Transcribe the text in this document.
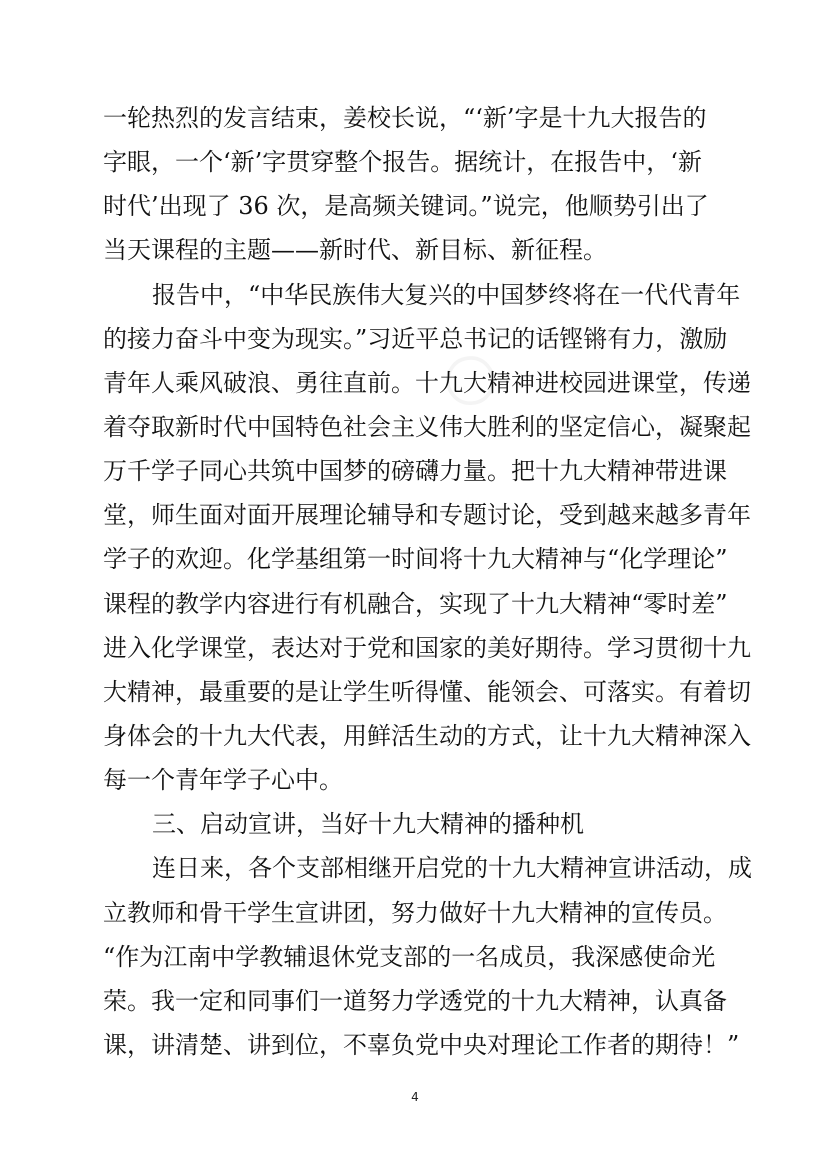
一轮热烈的发言结束，姜校长说，“‘新’字是十九大报告的

字眼，一个‘新’字贯穿整个报告。据统计，在报告中，‘新

时代’出现了 36 次，是高频关键词。”说完，他顺势引出了

当天课程的主题——新时代、新目标、新征程。

报告中，“中华民族伟大复兴的中国梦终将在一代代青年

的接力奋斗中变为现实。”习近平总书记的话铿锵有力，激励

青年人乘风破浪、勇往直前。十九大精神进校园进课堂，传递

着夺取新时代中国特色社会主义伟大胜利的坚定信心，凝聚起

万千学子同心共筑中国梦的磅礴力量。把十九大精神带进课

堂，师生面对面开展理论辅导和专题讨论，受到越来越多青年

学子的欢迎。化学基组第一时间将十九大精神与“化学理论”

课程的教学内容进行有机融合，实现了十九大精神“零时差”

进入化学课堂，表达对于党和国家的美好期待。学习贯彻十九

大精神，最重要的是让学生听得懂、能领会、可落实。有着切

身体会的十九大代表，用鲜活生动的方式，让十九大精神深入

每一个青年学子心中。

三、启动宣讲，当好十九大精神的播种机

连日来，各个支部相继开启党的十九大精神宣讲活动，成

立教师和骨干学生宣讲团，努力做好十九大精神的宣传员。

“作为江南中学教辅退休党支部的一名成员，我深感使命光

荣。我一定和同事们一道努力学透党的十九大精神，认真备

课，讲清楚、讲到位，不辜负党中央对理论工作者的期待！”

4
